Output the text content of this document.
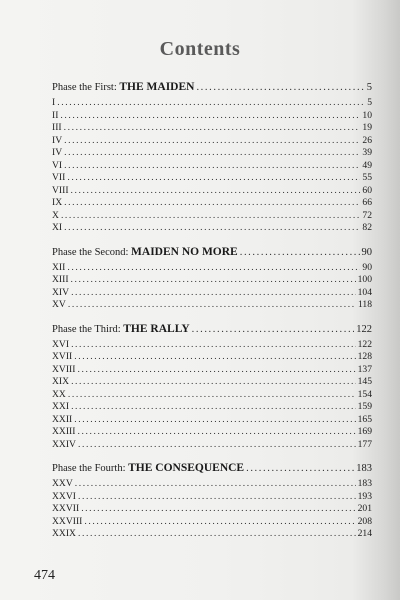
Contents
Phase the First: THE MAIDEN .....	5
I .....	5
II .....	10
III .....	19
IV .....	26
IV .....	39
VI .....	49
VII .....	55
VIII .....	60
IX .....	66
X .....	72
XI .....	82
Phase the Second: MAIDEN NO MORE .....	90
XII .....	90
XIII .....	100
XIV .....	104
XV .....	118
Phase the Third: THE RALLY .....	122
XVI .....	122
XVII .....	128
XVIII .....	137
XIX .....	145
XX .....	154
XXI .....	159
XXII .....	165
XXIII .....	169
XXIV .....	177
Phase the Fourth: THE CONSEQUENCE .....	183
XXV .....	183
XXVI .....	193
XXVII .....	201
XXVIII .....	208
XXIX .....	214
474
